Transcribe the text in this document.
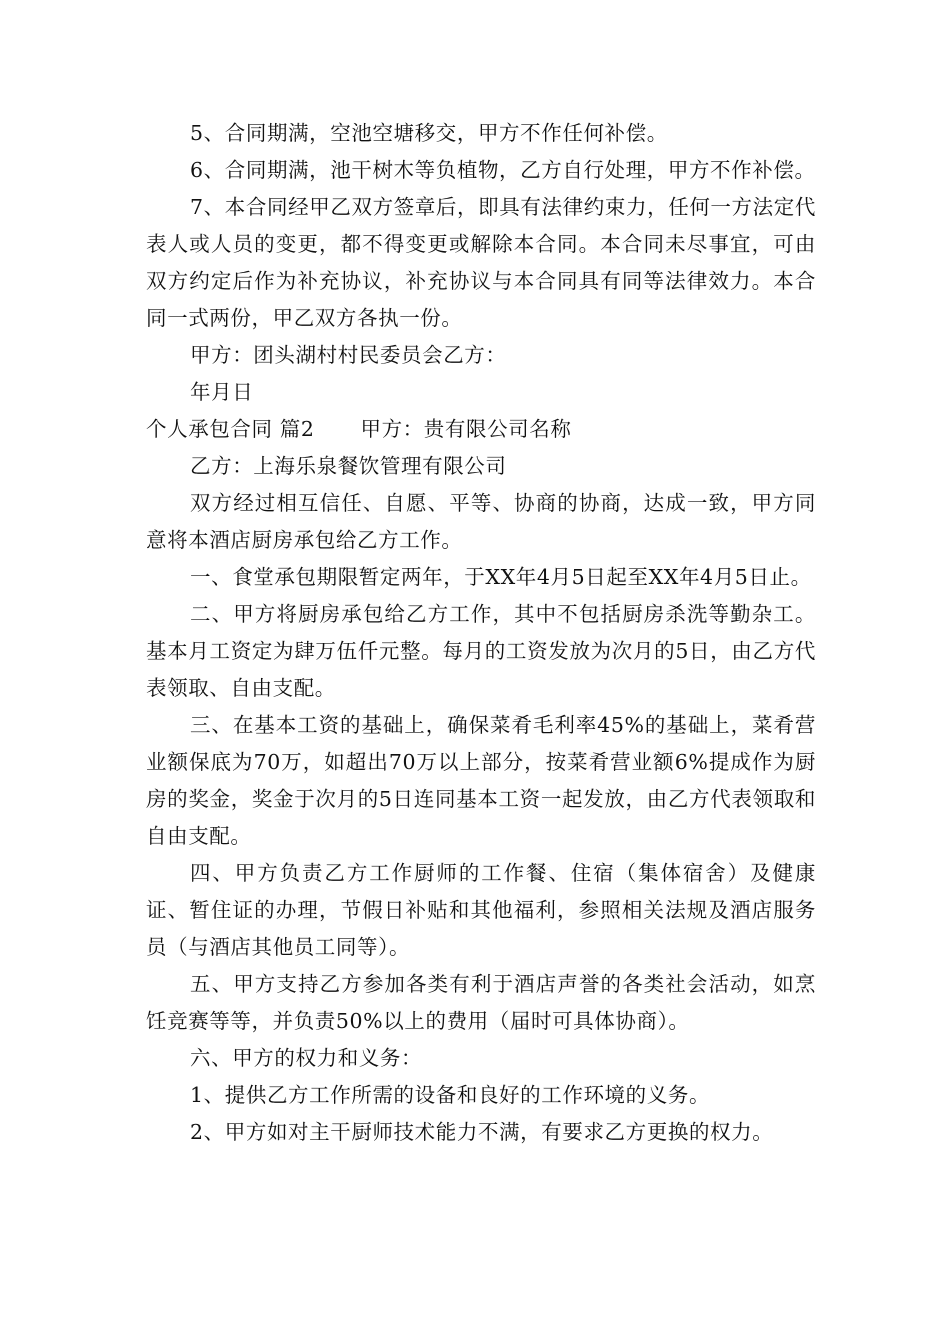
5、合同期满，空池空塘移交，甲方不作任何补偿。

6、合同期满，池干树木等负植物，乙方自行处理，甲方不作补偿。

7、本合同经甲乙双方签章后，即具有法律约束力，任何一方法定代表人或人员的变更，都不得变更或解除本合同。本合同未尽事宜，可由双方约定后作为补充协议，补充协议与本合同具有同等法律效力。本合同一式两份，甲乙双方各执一份。

甲方：团头湖村村民委员会乙方：

年月日

个人承包合同 篇2 甲方：贵有限公司名称

乙方：上海乐泉餐饮管理有限公司

双方经过相互信任、自愿、平等、协商的协商，达成一致，甲方同意将本酒店厨房承包给乙方工作。

一、食堂承包期限暂定两年，于XX年4月5日起至XX年4月5日止。

二、甲方将厨房承包给乙方工作，其中不包括厨房杀洗等勤杂工。基本月工资定为肆万伍仟元整。每月的工资发放为次月的5日，由乙方代表领取、自由支配。

三、在基本工资的基础上，确保菜肴毛利率45%的基础上，菜肴营业额保底为70万，如超出70万以上部分，按菜肴营业额6%提成作为厨房的奖金，奖金于次月的5日连同基本工资一起发放，由乙方代表领取和自由支配。

四、甲方负责乙方工作厨师的工作餐、住宿（集体宿舍）及健康证、暂住证的办理，节假日补贴和其他福利，参照相关法规及酒店服务员（与酒店其他员工同等）。

五、甲方支持乙方参加各类有利于酒店声誉的各类社会活动，如烹饪竞赛等等，并负责50%以上的费用（届时可具体协商）。

六、甲方的权力和义务：

1、提供乙方工作所需的设备和良好的工作环境的义务。

2、甲方如对主干厨师技术能力不满，有要求乙方更换的权力。
